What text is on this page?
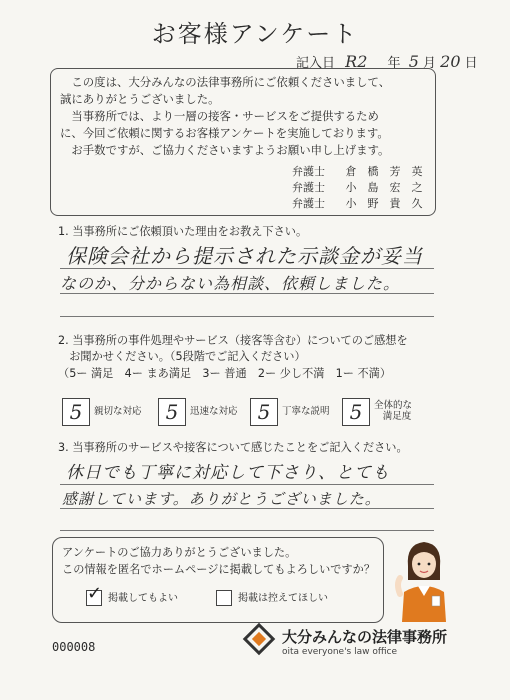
お客様アンケート
記入日 R2 年 5 月 20 日

　この度は、大分みんなの法律事務所にご依頼くださいまして、

誠にありがとうございました。

　当事務所では、より一層の接客・サービスをご提供するため

に、今回ご依頼に関するお客様アンケートを実施しております。

　お手数ですが、ご協力くださいますようお願い申し上げます。

弁護士 倉 橋 芳 英
弁護士 小 島 宏 之
弁護士 小 野 貴 久
1. 当事務所にご依頼頂いた理由をお教え下さい。
保険会社から提示された示談金が妥当
なのか、分からない為相談、依頼しました。
2. 当事務所の事件処理やサービス（接客等含む）についてのご感想を
　お聞かせください。（5段階でご記入ください）
（5ー 満足　4ー まあ満足　3ー 普通　2ー 少し不満　1ー 不満）
5	親切な対応	5	迅速な対応	5	丁寧な説明	5	全体的な
満足度
3. 当事務所のサービスや接客について感じたことをご記入ください。
休日でも丁寧に対応して下さり、とても
感謝しています。ありがとうございました。
アンケートのご協力ありがとうございました。
この情報を匿名でホームページに掲載してもよろしいですか？
✓ 掲載してもよい	掲載は控えてほしい
000008
大分みんなの法律事務所
oita everyone's law office
